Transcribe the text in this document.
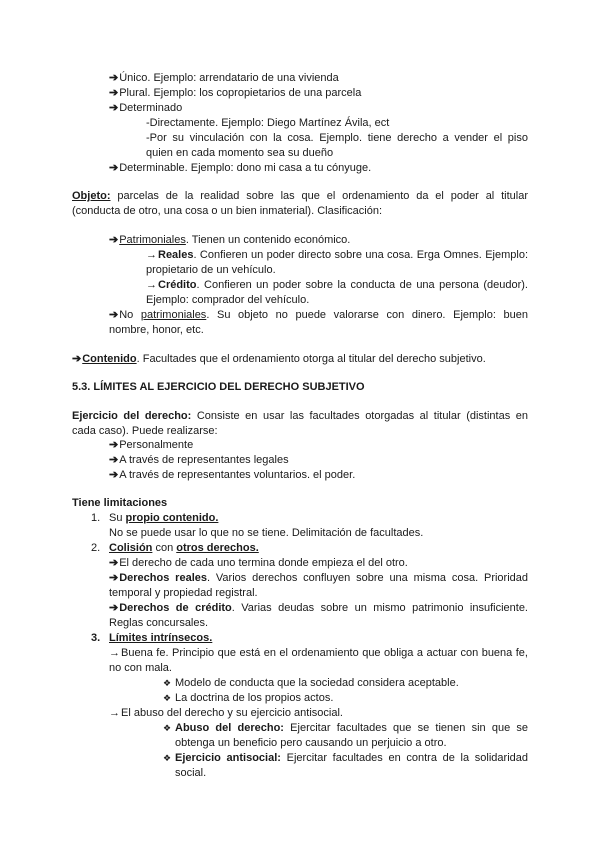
➔Único. Ejemplo: arrendatario de una vivienda
➔Plural. Ejemplo: los copropietarios de una parcela
➔Determinado
-Directamente. Ejemplo: Diego Martínez Ávila, ect
-Por su vinculación con la cosa. Ejemplo. tiene derecho a vender el piso
quien en cada momento sea su dueño
➔Determinable. Ejemplo: dono mi casa a tu cónyuge.
Objeto: parcelas de la realidad sobre las que el ordenamiento da el poder al titular
(conducta de otro, una cosa o un bien inmaterial). Clasificación:
➔Patrimoniales. Tienen un contenido económico.
→Reales. Confieren un poder directo sobre una cosa. Erga Omnes. Ejemplo:
propietario de un vehículo.
→Crédito. Confieren un poder sobre la conducta de una persona (deudor).
Ejemplo: comprador del vehículo.
➔No patrimoniales. Su objeto no puede valorarse con dinero. Ejemplo: buen
nombre, honor, etc.
➔Contenido. Facultades que el ordenamiento otorga al titular del derecho subjetivo.
5.3. LÍMITES AL EJERCICIO DEL DERECHO SUBJETIVO
Ejercicio del derecho: Consiste en usar las facultades otorgadas al titular (distintas en
cada caso). Puede realizarse:
➔Personalmente
➔A través de representantes legales
➔A través de representantes voluntarios. el poder.
Tiene limitaciones
1. Su propio contenido.
No se puede usar lo que no se tiene. Delimitación de facultades.
2. Colisión con otros derechos.
➔El derecho de cada uno termina donde empieza el del otro.
➔Derechos reales. Varios derechos confluyen sobre una misma cosa. Prioridad
temporal y propiedad registral.
➔Derechos de crédito. Varias deudas sobre un mismo patrimonio insuficiente.
Reglas concursales.
3. Límites intrínsecos.
→Buena fe. Principio que está en el ordenamiento que obliga a actuar con buena fe,
no con mala.
❖ Modelo de conducta que la sociedad considera aceptable.
❖ La doctrina de los propios actos.
→El abuso del derecho y su ejercicio antisocial.
❖ Abuso del derecho: Ejercitar facultades que se tienen sin que se
obtenga un beneficio pero causando un perjuicio a otro.
❖ Ejercicio antisocial: Ejercitar facultades en contra de la solidaridad
social.
